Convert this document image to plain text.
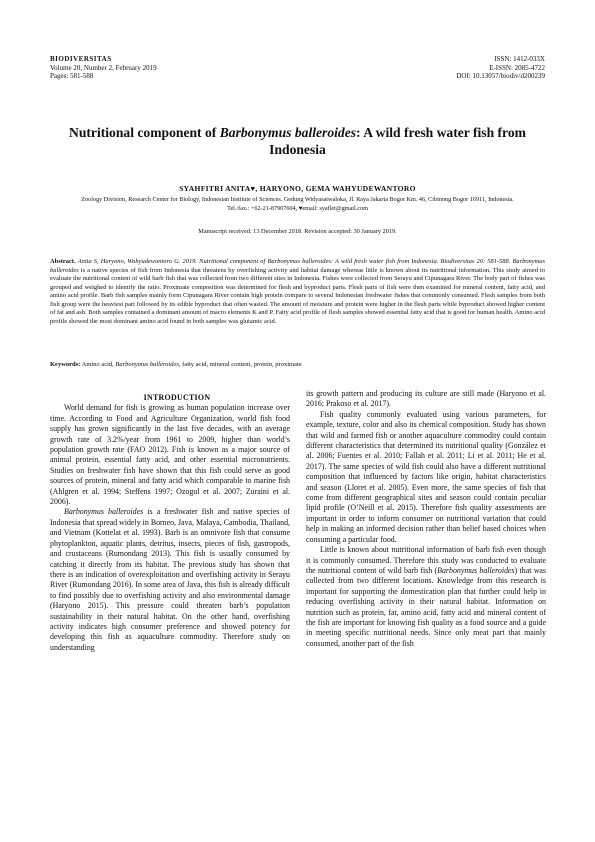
BIODIVERSITAS
Volume 20, Number 2, February 2019
Pages: 581-588
ISSN: 1412-033X
E-ISSN: 2085-4722
DOI: 10.13057/biodiv/d200239
Nutritional component of Barbonymus balleroides: A wild fresh water fish from Indonesia
SYAHFITRI ANITA♥, HARYONO, GEMA WAHYUDEWANTORO
Zoology Division, Research Center for Biology, Indonesian Institute of Sciences. Gedung Widyasatwaloka, Jl. Raya Jakarta Bogor Km. 46, Cibinong Bogor 16911, Indonesia. Tel./fax.: +62-21-87907604, ♥email: syaflet@gmail.com
Manuscript received: 13 December 2018. Revision accepted: 30 January 2019.
Abstract. Anita S, Haryono, Wahyudewantoro G. 2019. Nutritional component of Barbonymus balleroides: A wild fresh water fish from Indonesia. Biodiversitas 20: 581-588. Barbonymus balleroides is a native species of fish from Indonesia that threatens by overfishing activity and habitat damage whereas little is known about its nutritional information. This study aimed to evaluate the nutritional content of wild barb fish that was collected from two different sites in Indonesia. Fishes were collected from Serayu and Cipunagara River. The body part of fishes was grouped and weighed to identify the ratio. Proximate composition was determined for flesh and byproduct parts. Flesh parts of fish were then examined for mineral content, fatty acid, and amino acid profile. Barb fish samples mainly form Cipunagara River contain high protein compare to several Indonesian freshwater fishes that commonly consumed. Flesh samples from both fish group were the heaviest part followed by its edible byproduct that often wasted. The amount of moisture and protein were higher in the flesh parts while byproduct showed higher content of fat and ash. Both samples contained a dominant amount of macro elements K and P. Fatty acid profile of flesh samples showed essential fatty acid that is good for human health. Amino acid profile showed the most dominant amino acid found in both samples was glutamic acid.
Keywords: Amino acid, Barbonymus balleroides, fatty acid, mineral content, protein, proximate

INTRODUCTION

World demand for fish is growing as human population increase over time. According to Food and Agriculture Organization, world fish food supply has grown significantly in the last five decades, with an average growth rate of 3.2%/year from 1961 to 2009, higher than world’s population growth rate (FAO 2012). Fish is known as a major source of animal protein, essential fatty acid, and other essential micronutrients. Studies on freshwater fish have shown that this fish could serve as good sources of protein, mineral and fatty acid which comparable to marine fish (Ahlgren et al. 1994; Steffens 1997; Ozogul et al. 2007; Zuraini et al. 2006).

Barbonymus balleroides is a freshwater fish and native species of Indonesia that spread widely in Borneo, Java, Malaya, Cambodia, Thailand, and Vietnam (Kottelat et al. 1993). Barb is an omnivore fish that consume phytoplankton, aquatic plants, detritus, insects, pieces of fish, gastropods, and crustaceans (Rumondang 2013). This fish is usually consumed by catching it directly from its habitat. The previous study has shown that there is an indication of overexploitation and overfishing activity in Serayu River (Rumondang 2016). In some area of Java, this fish is already difficult to find possibly due to overfishing activity and also environmental damage (Haryono 2015). This pressure could threaten barb’s population sustainability in their natural habitat. On the other hand, overfishing activity indicates high consumer preference and showed potency for developing this fish as aquaculture commodity. Therefore study on understanding

its growth pattern and producing its culture are still made (Haryono et al. 2016; Prakoso et al. 2017).

Fish quality commonly evaluated using various parameters, for example, texture, color and also its chemical composition. Study has shown that wild and farmed fish or another aquaculture commodity could contain different characteristics that determined its nutritional quality (González et al. 2006; Fuentes et al. 2010; Fallah et al. 2011; Li et al. 2011; He et al. 2017). The same species of wild fish could also have a different nutritional composition that influenced by factors like origin, habitat characteristics and season (Lloret et al. 2005). Even more, the same species of fish that come from different geographical sites and season could contain peculiar lipid profile (O’Neill et al. 2015). Therefore fish quality assessments are important in order to inform consumer on nutritional variation that could help in making an informed decision rather than belief based choices when consuming a particular food.

Little is known about nutritional information of barb fish even though it is commonly consumed. Therefore this study was conducted to evaluate the nutritional content of wild barb fish (Barbonymus balleroides) that was collected from two different locations. Knowledge from this research is important for supporting the domestication plan that further could help in reducing overfishing activity in their natural habitat. Information on nutrition such as protein, fat, amino acid, fatty acid and mineral content of the fish are important for knowing fish quality as a food source and a guide in meeting specific nutritional needs. Since only meat part that mainly consumed, another part of the fish
